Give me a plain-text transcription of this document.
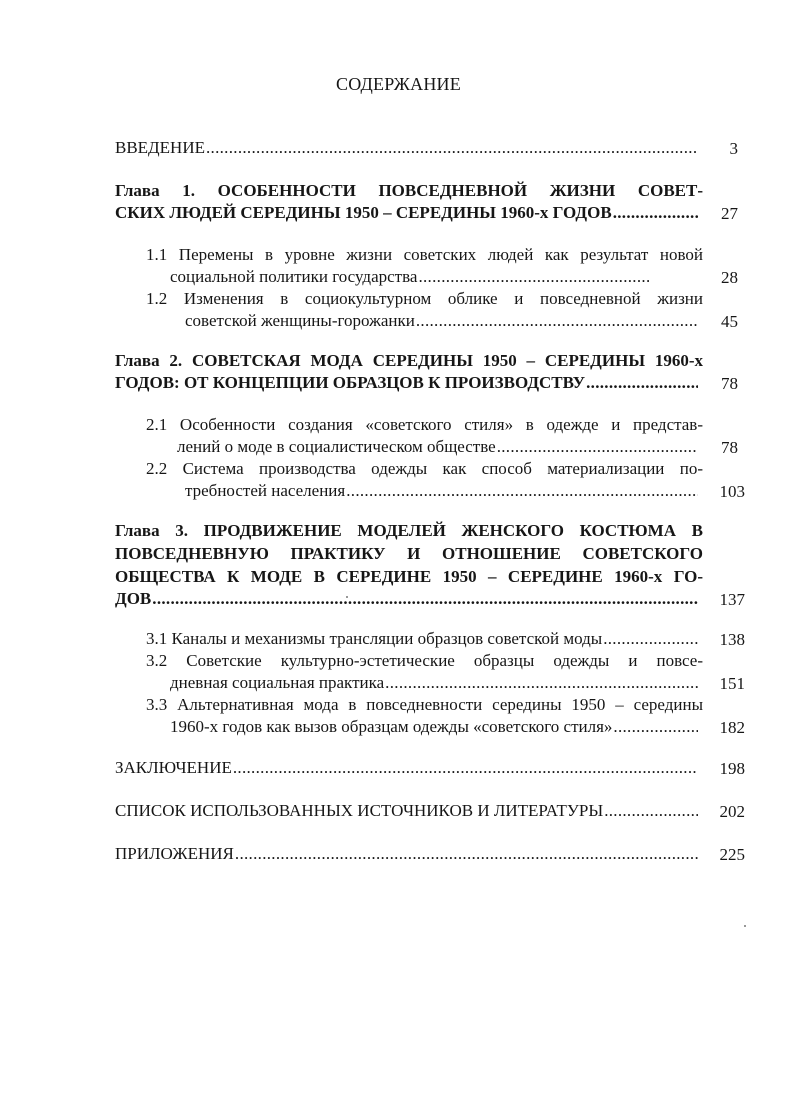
СОДЕРЖАНИЕ
ВВЕДЕНИЕ .....	3
Глава 1. ОСОБЕННОСТИ ПОВСЕДНЕВНОЙ ЖИЗНИ СОВЕТ-
СКИХ ЛЮДЕЙ СЕРЕДИНЫ 1950 – СЕРЕДИНЫ 1960-х ГОДОВ .....	27
1.1 Перемены в уровне жизни советских людей как результат новой
социальной политики государства .....	28
1.2 Изменения в социокультурном облике и повседневной жизни
советской женщины-горожанки .....	45
Глава 2. СОВЕТСКАЯ МОДА СЕРЕДИНЫ 1950 – СЕРЕДИНЫ 1960-х
ГОДОВ: ОТ КОНЦЕПЦИИ ОБРАЗЦОВ К ПРОИЗВОДСТВУ .....	78
2.1 Особенности создания «советского стиля» в одежде и представ-
лений о моде в социалистическом обществе .....	78
2.2 Система производства одежды как способ материализации по-
требностей населения .....	103
Глава 3. ПРОДВИЖЕНИЕ МОДЕЛЕЙ ЖЕНСКОГО КОСТЮМА В
ПОВСЕДНЕВНУЮ ПРАКТИКУ И ОТНОШЕНИЕ СОВЕТСКОГО
ОБЩЕСТВА К МОДЕ В СЕРЕДИНЕ 1950 – СЕРЕДИНЕ 1960-х ГО-
ДОВ .....	137
3.1 Каналы и механизмы трансляции образцов советской моды .....	138
3.2 Советские культурно-эстетические образцы одежды и повсе-
дневная социальная практика .....	151
3.3 Альтернативная мода в повседневности середины 1950 – середины
1960-х годов как вызов образцам одежды «советского стиля» .....	182
ЗАКЛЮЧЕНИЕ .....	198
СПИСОК ИСПОЛЬЗОВАННЫХ ИСТОЧНИКОВ И ЛИТЕРАТУРЫ .....	202
ПРИЛОЖЕНИЯ .....	225
